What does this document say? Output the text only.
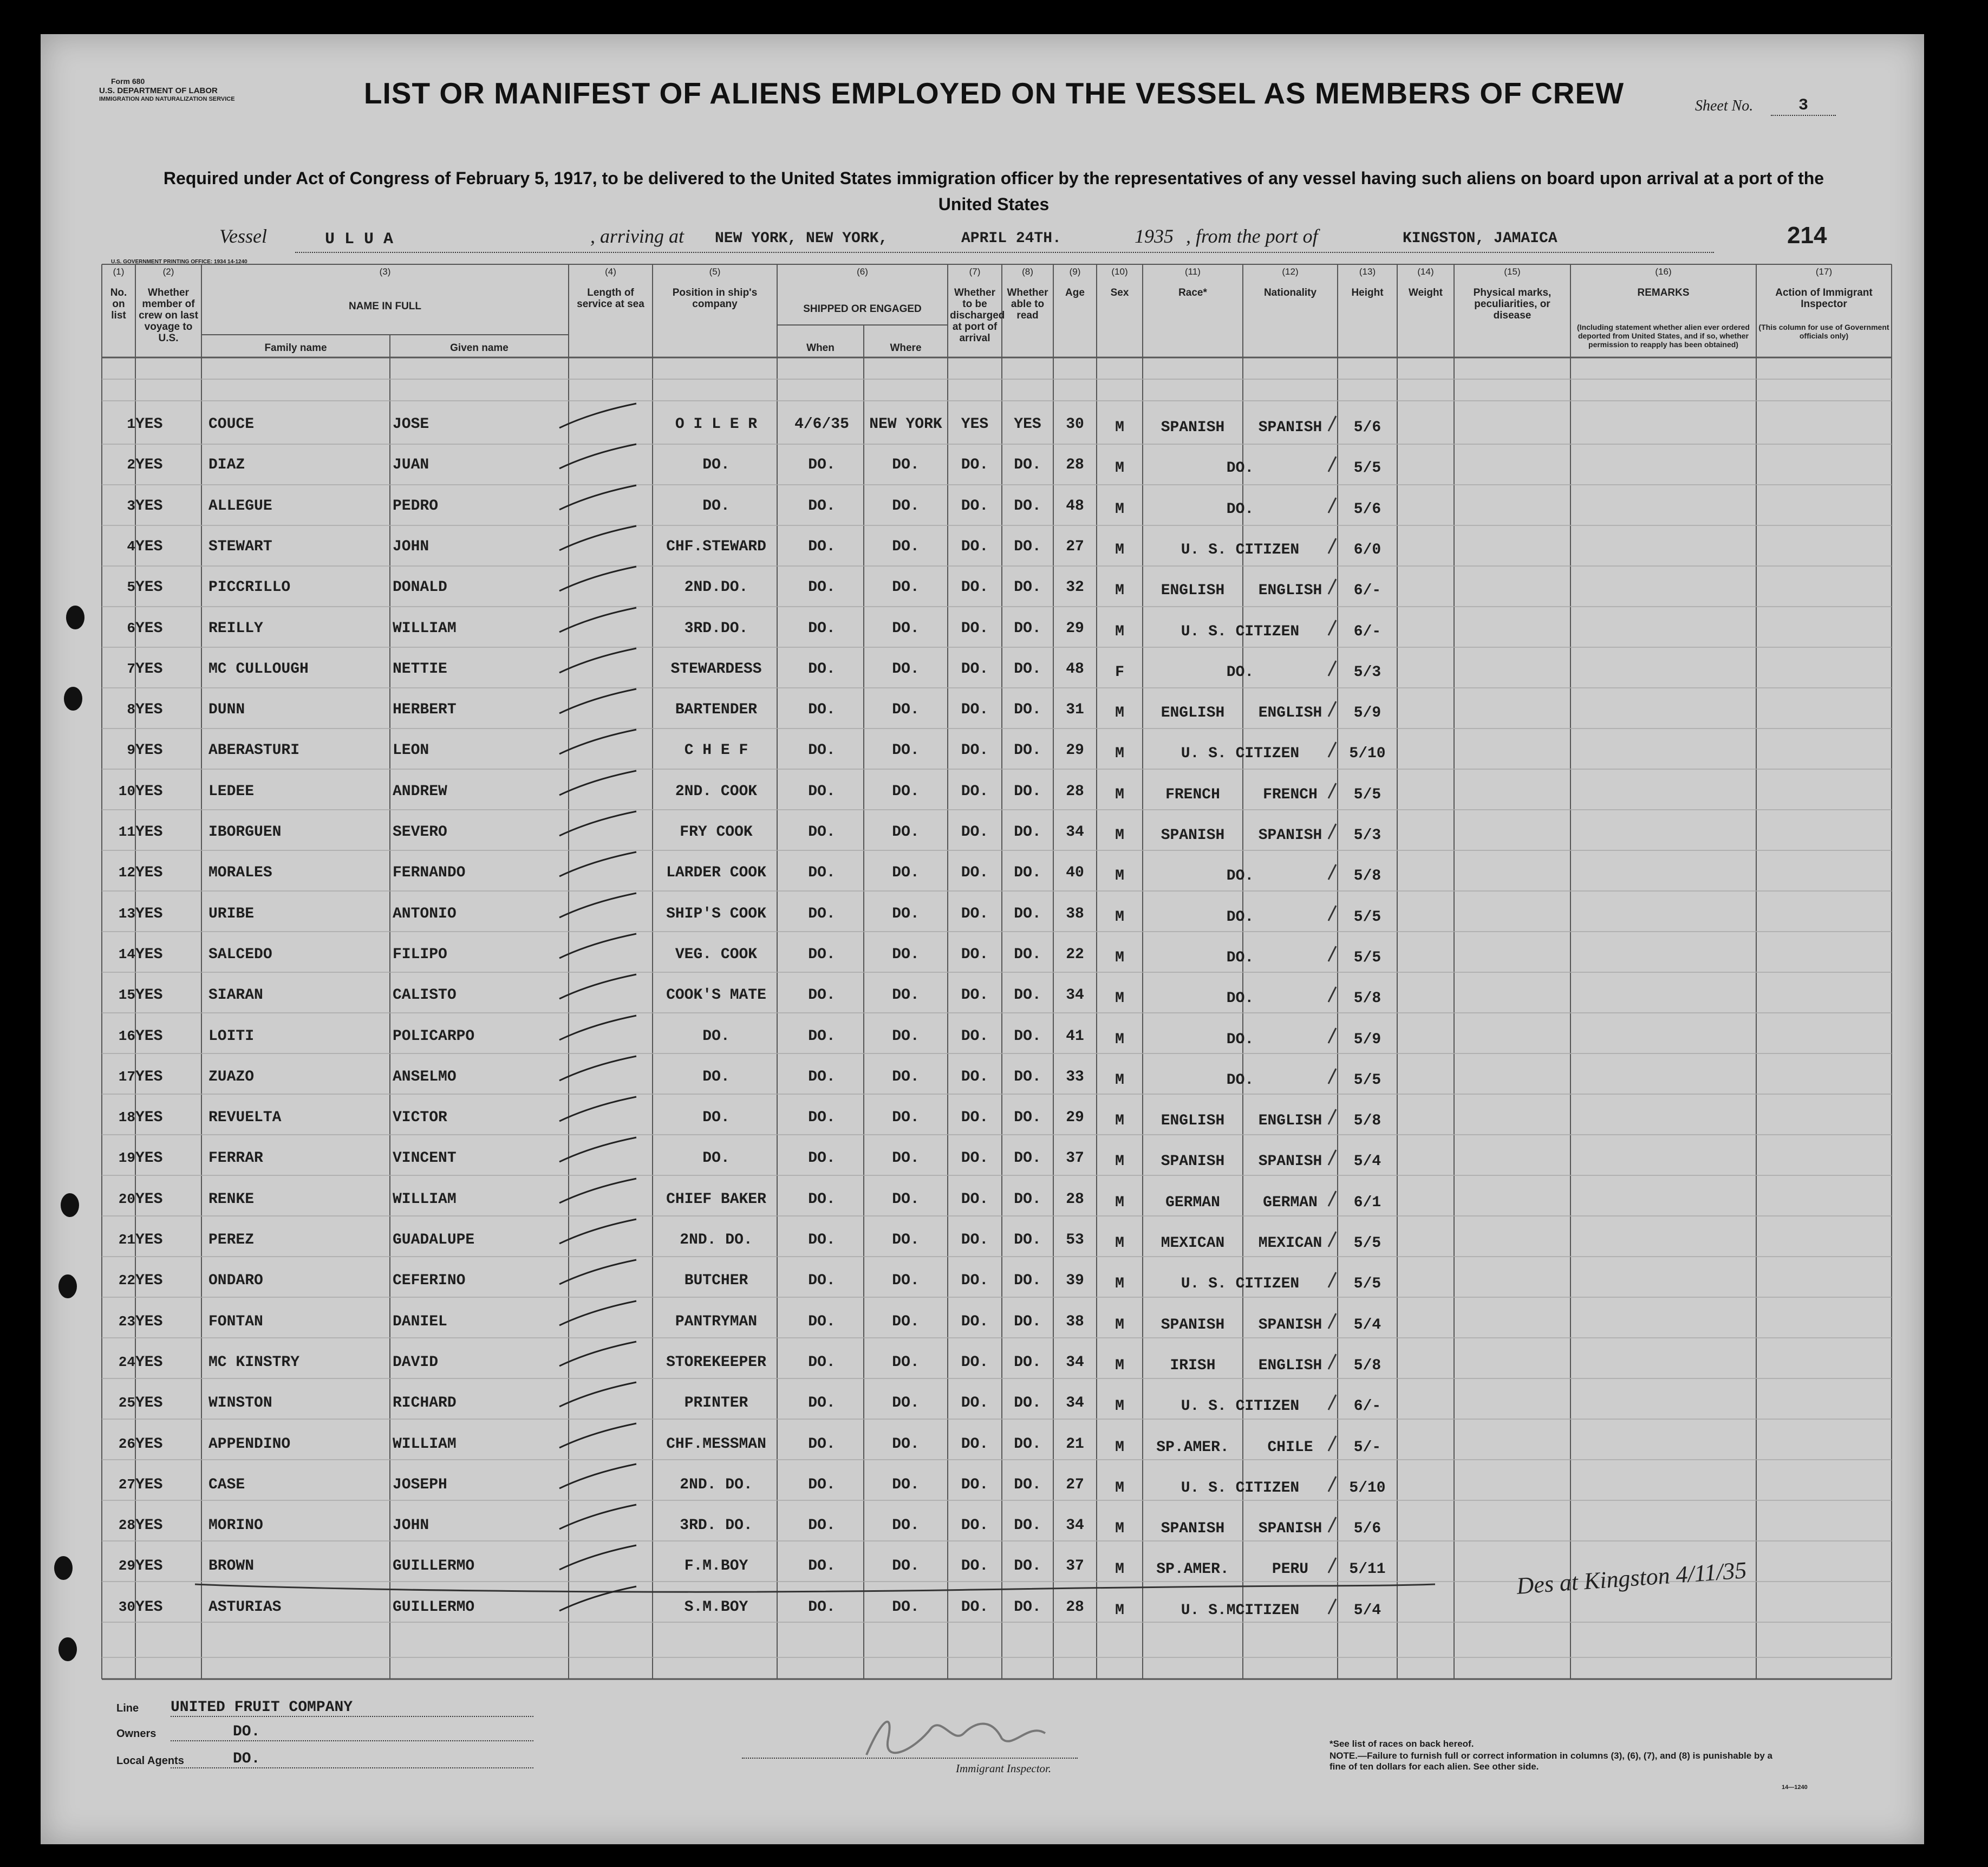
Form 680
U.S. DEPARTMENT OF LABOR
IMMIGRATION AND NATURALIZATION SERVICE	Sheet No.	3
LIST OR MANIFEST OF ALIENS EMPLOYED ON THE VESSEL AS MEMBERS OF CREW
Required under Act of Congress of February 5, 1917, to be delivered to the United States immigration officer by the representatives of any vessel having such aliens on board upon arrival at a port of the United States
Vessel	U L U A	, arriving at NEW YORK, NEW YORK,	APRIL 24TH.	1935 , from the port of	KINGSTON, JAMAICA	214
U.S. GOVERNMENT PRINTING OFFICE: 1934 14-1240
(1)
No. on list
(2)
Whether member of crew on last voyage to U.S.
(3)
NAME IN FULL
Family name	Given name
(4)
Length of service at sea
(5)
Position in ship's company
(6)
SHIPPED OR ENGAGED
When	Where
(7)
Whether to be discharged at port of arrival
(8)
Whether able to read
(9)
Age
(10)
Sex
(11)
Race*
(12)
Nationality
(13)
Height
(14)
Weight
(15)
Physical marks, peculiarities, or disease
(16)
REMARKS
(Including statement whether alien ever ordered deported from United States, and if so, whether permission to reapply has been obtained)
(17)
Action of Immigrant Inspector
(This column for use of Government officials only)
1 YES	COUCE	JOSE	O I L E R	4/6/35	NEW YORK	YES	YES	30	M	SPANISH	SPANISH	5/6
2 YES	DIAZ	JUAN	DO.	DO.	DO.	DO.	DO.	28	M	DO.	5/5
3 YES	ALLEGUE	PEDRO	DO.	DO.	DO.	DO.	DO.	48	M	DO.	5/6
4 YES	STEWART	JOHN	CHF.STEWARD	DO.	DO.	DO.	DO.	27	M	U. S. CITIZEN	6/0
5 YES	PICCRILLO	DONALD	2ND.DO.	DO.	DO.	DO.	DO.	32	M	ENGLISH	ENGLISH	6/-
6 YES	REILLY	WILLIAM	3RD.DO.	DO.	DO.	DO.	DO.	29	M	U. S. CITIZEN	6/-
7 YES	MC CULLOUGH	NETTIE	STEWARDESS	DO.	DO.	DO.	DO.	48	F	DO.	5/3
8 YES	DUNN	HERBERT	BARTENDER	DO.	DO.	DO.	DO.	31	M	ENGLISH	ENGLISH	5/9
9 YES	ABERASTURI	LEON	C H E F	DO.	DO.	DO.	DO.	29	M	U. S. CITIZEN	5/10
10 YES	LEDEE	ANDREW	2ND. COOK	DO.	DO.	DO.	DO.	28	M	FRENCH	FRENCH	5/5
11 YES	IBORGUEN	SEVERO	FRY COOK	DO.	DO.	DO.	DO.	34	M	SPANISH	SPANISH	5/3
12 YES	MORALES	FERNANDO	LARDER COOK	DO.	DO.	DO.	DO.	40	M	DO.	5/8
13 YES	URIBE	ANTONIO	SHIP'S COOK	DO.	DO.	DO.	DO.	38	M	DO.	5/5
14 YES	SALCEDO	FILIPO	VEG. COOK	DO.	DO.	DO.	DO.	22	M	DO.	5/5
15 YES	SIARAN	CALISTO	COOK'S MATE	DO.	DO.	DO.	DO.	34	M	DO.	5/8
16 YES	LOITI	POLICARPO	DO.	DO.	DO.	DO.	DO.	41	M	DO.	5/9
17 YES	ZUAZO	ANSELMO	DO.	DO.	DO.	DO.	DO.	33	M	DO.	5/5
18 YES	REVUELTA	VICTOR	DO.	DO.	DO.	DO.	DO.	29	M	ENGLISH	ENGLISH	5/8
19 YES	FERRAR	VINCENT	DO.	DO.	DO.	DO.	DO.	37	M	SPANISH	SPANISH	5/4
20 YES	RENKE	WILLIAM	CHIEF BAKER	DO.	DO.	DO.	DO.	28	M	GERMAN	GERMAN	6/1
21 YES	PEREZ	GUADALUPE	2ND. DO.	DO.	DO.	DO.	DO.	53	M	MEXICAN	MEXICAN	5/5
22 YES	ONDARO	CEFERINO	BUTCHER	DO.	DO.	DO.	DO.	39	M	U. S. CITIZEN	5/5
23 YES	FONTAN	DANIEL	PANTRYMAN	DO.	DO.	DO.	DO.	38	M	SPANISH	SPANISH	5/4
24 YES	MC KINSTRY	DAVID	STOREKEEPER	DO.	DO.	DO.	DO.	34	M	IRISH	ENGLISH	5/8
25 YES	WINSTON	RICHARD	PRINTER	DO.	DO.	DO.	DO.	34	M	U. S. CITIZEN	6/-
26 YES	APPENDINO	WILLIAM	CHF.MESSMAN	DO.	DO.	DO.	DO.	21	M	SP.AMER.	CHILE	5/-
27 YES	CASE	JOSEPH	2ND. DO.	DO.	DO.	DO.	DO.	27	M	U. S. CITIZEN	5/10
28 YES	MORINO	JOHN	3RD. DO.	DO.	DO.	DO.	DO.	34	M	SPANISH	SPANISH	5/6
29 YES	BROWN	GUILLERMO	F.M.BOY	DO.	DO.	DO.	DO.	37	M	SP.AMER.	PERU	5/11
30 YES	ASTURIAS	GUILLERMO	S.M.BOY	DO.	DO.	DO.	DO.	28	M	U. S.MCITIZEN	5/4
Des at Kingston 4/11/35
Line UNITED FRUIT COMPANY
Owners	DO.
Local Agents	DO.
Immigrant Inspector.
*See list of races on back hereof.
NOTE.—Failure to furnish full or correct information in columns (3), (6), (7), and (8) is punishable by a fine of ten dollars for each alien. See other side.
14—1240
